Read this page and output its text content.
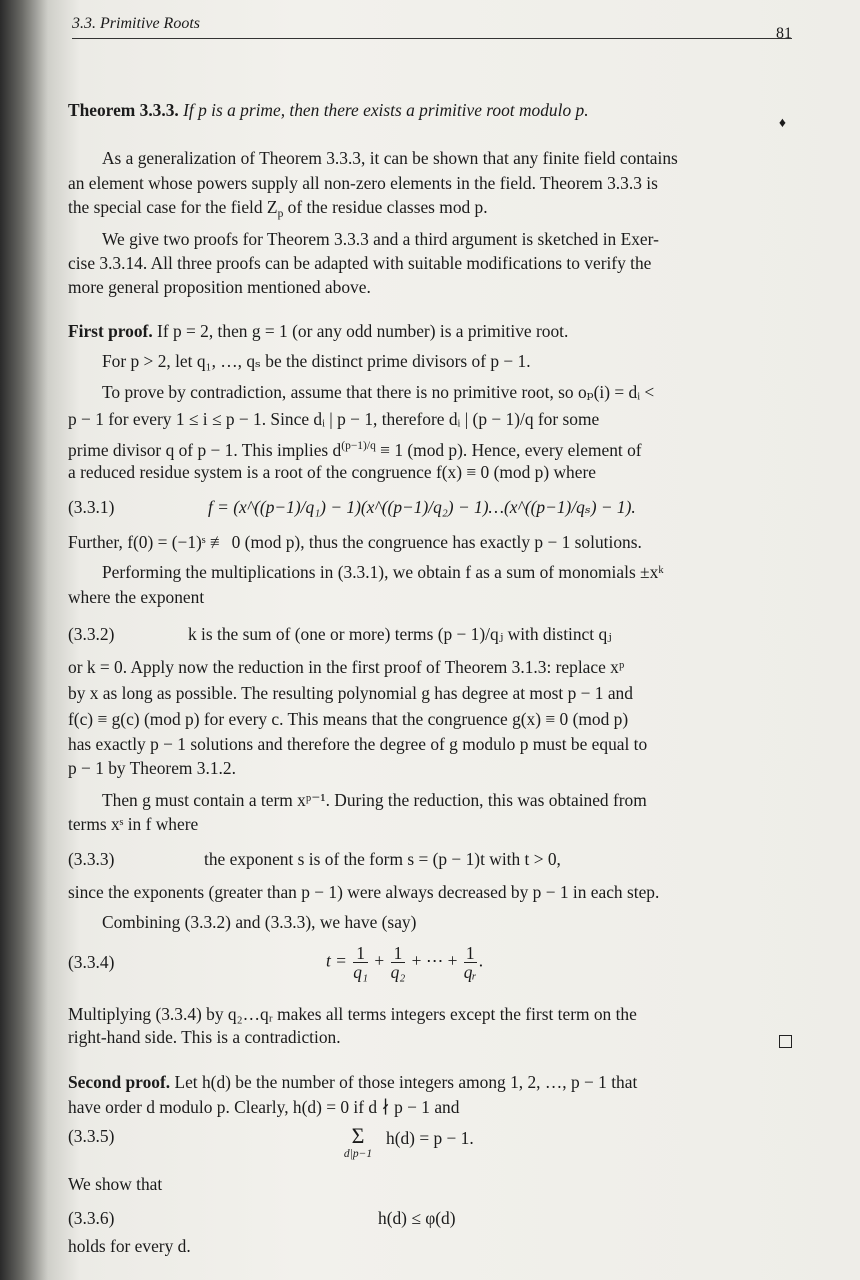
3.3. Primitive Roots
81
Theorem 3.3.3. If p is a prime, then there exists a primitive root modulo p.
♦
As a generalization of Theorem 3.3.3, it can be shown that any finite field contains
an element whose powers supply all non-zero elements in the field. Theorem 3.3.3 is
the special case for the field $Z_p$ of the residue classes mod p.
We give two proofs for Theorem 3.3.3 and a third argument is sketched in Exer-
cise 3.3.14. All three proofs can be adapted with suitable modifications to verify the
more general proposition mentioned above.
First proof. If p = 2, then g = 1 (or any odd number) is a primitive root.
For p > 2, let q₁, …, qₛ be the distinct prime divisors of p − 1.
To prove by contradiction, assume that there is no primitive root, so oₚ(i) = dᵢ <
p − 1 for every 1 ≤ i ≤ p − 1. Since dᵢ | p − 1, therefore dᵢ | (p − 1)/q for some
prime divisor q of p − 1. This implies $d^{(p-1)/q} \equiv 1$ (mod p). Hence, every element of
a reduced residue system is a root of the congruence f(x) ≡ 0 (mod p) where
(3.3.1)	f = (x^((p−1)/q₁) − 1)(x^((p−1)/q₂) − 1)…(x^((p−1)/qₛ) − 1).
Further, f(0) = (−1)ˢ ≢ 0 (mod p), thus the congruence has exactly p − 1 solutions.
Performing the multiplications in (3.3.1), we obtain f as a sum of monomials ±xᵏ
where the exponent
(3.3.2)	k is the sum of (one or more) terms (p − 1)/qⱼ with distinct qⱼ
or k = 0. Apply now the reduction in the first proof of Theorem 3.1.3: replace xᵖ
by x as long as possible. The resulting polynomial g has degree at most p − 1 and
f(c) ≡ g(c) (mod p) for every c. This means that the congruence g(x) ≡ 0 (mod p)
has exactly p − 1 solutions and therefore the degree of g modulo p must be equal to
p − 1 by Theorem 3.1.2.
Then g must contain a term xᵖ⁻¹. During the reduction, this was obtained from
terms xˢ in f where
(3.3.3)	the exponent s is of the form s = (p − 1)t with t > 0,
since the exponents (greater than p − 1) were always decreased by p − 1 in each step.
Combining (3.3.2) and (3.3.3), we have (say)
(3.3.4)	$t = \frac{1}{\text{q₁}} + \frac{1}{\text{q₂}}$ + ⋯ + $\frac{1}{\text{qᵣ}}$ .
Multiplying (3.3.4) by q₂…qᵣ makes all terms integers except the first term on the
right-hand side. This is a contradiction.
Second proof. Let h(d) be the number of those integers among 1, 2, …, p − 1 that
have order d modulo p. Clearly, h(d) = 0 if d ∤ p − 1 and
(3.3.5)	Σ
d|p−1
h(d) = p − 1.
We show that
(3.3.6)	h(d) ≤ φ(d)
holds for every d.
